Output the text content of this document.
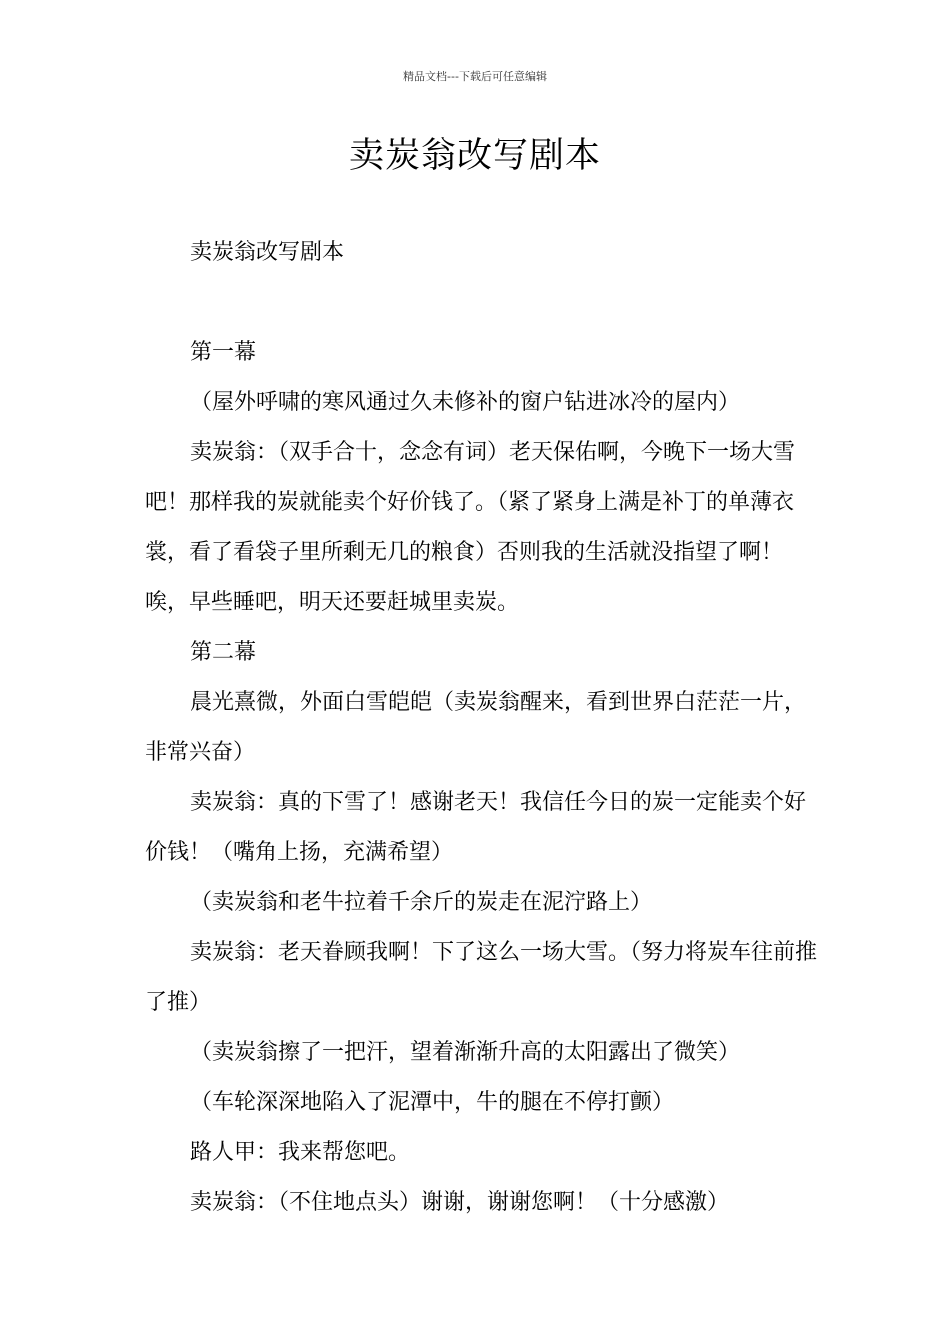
精品文档---下载后可任意编辑
卖炭翁改写剧本
卖炭翁改写剧本

第一幕

（屋外呼啸的寒风通过久未修补的窗户钻进冰冷的屋内）

卖炭翁：（双手合十，念念有词）老天保佑啊，今晚下一场大雪吧！那样我的炭就能卖个好价钱了。（紧了紧身上满是补丁的单薄衣裳，看了看袋子里所剩无几的粮食）否则我的生活就没指望了啊！唉，早些睡吧，明天还要赶城里卖炭。

第二幕

晨光熹微，外面白雪皑皑（卖炭翁醒来，看到世界白茫茫一片，非常兴奋）

卖炭翁：真的下雪了！感谢老天！我信任今日的炭一定能卖个好价钱！（嘴角上扬，充满希望）

（卖炭翁和老牛拉着千余斤的炭走在泥泞路上）

卖炭翁：老天眷顾我啊！下了这么一场大雪。（努力将炭车往前推了推）

（卖炭翁擦了一把汗，望着渐渐升高的太阳露出了微笑）

（车轮深深地陷入了泥潭中，牛的腿在不停打颤）

路人甲：我来帮您吧。

卖炭翁：（不住地点头）谢谢，谢谢您啊！（十分感激）
